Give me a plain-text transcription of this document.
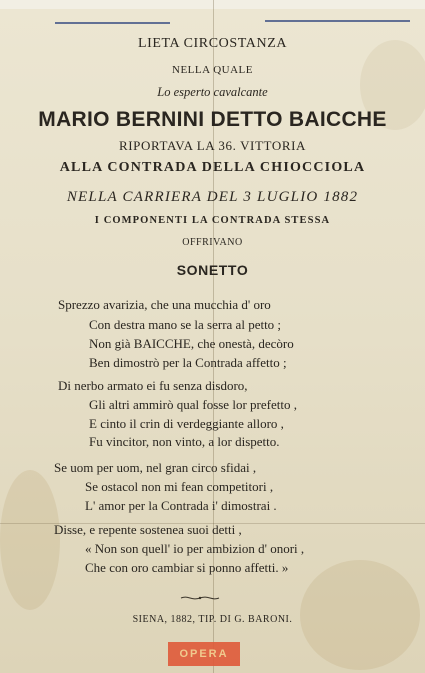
LIETA CIRCOSTANZA
NELLA QUALE
Lo esperto cavalcante
MARIO BERNINI DETTO BAICCHE
RIPORTAVA LA 36. VITTORIA
ALLA CONTRADA DELLA CHIOCCIOLA
NELLA CARRIERA DEL 3 LUGLIO 1882
I COMPONENTI LA CONTRADA STESSA
OFFRIVANO
SONETTO
Sprezzo avarizia, che una mucchia d' oro
Con destra mano se la serra al petto ;
Non già BAICCHE, che onestà, decòro
Ben dimostrò per la Contrada affetto ;
Di nerbo armato ei fu senza disdoro,
Gli altri ammirò qual fosse lor prefetto ,
E cinto il crin di verdeggiante alloro ,
Fu vincitor, non vinto, a lor dispetto.
Se uom per uom, nel gran circo sfidai ,
Se ostacol non mi fean competitori ,
L' amor per la Contrada i' dimostrai .
Disse, e repente sostenea suoi detti ,
« Non son quell' io per ambizion d' onori ,
Che con oro cambiar si ponno affetti. »
SIENA, 1882, TIP. DI G. BARONI.
OPERA
